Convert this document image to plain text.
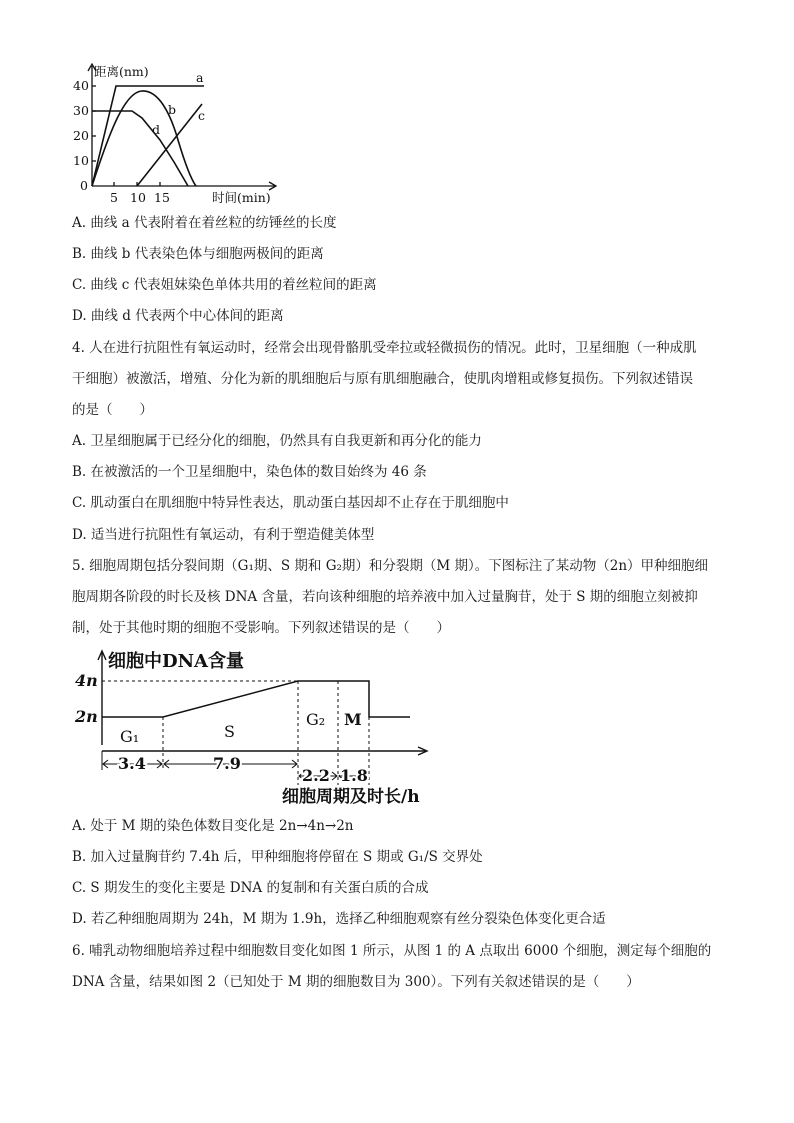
距离(nm)
40
30
20
10
0
5 10 15	时间(min)
a
b c
d
A. 曲线 a 代表附着在着丝粒的纺锤丝的长度
B. 曲线 b 代表染色体与细胞两极间的距离
C. 曲线 c 代表姐妹染色单体共用的着丝粒间的距离
D. 曲线 d 代表两个中心体间的距离
4. 人在进行抗阻性有氧运动时，经常会出现骨骼肌受牵拉或轻微损伤的情况。此时，卫星细胞（一种成肌
干细胞）被激活，增殖、分化为新的肌细胞后与原有肌细胞融合，使肌肉增粗或修复损伤。下列叙述错误
的是（　　）
A. 卫星细胞属于已经分化的细胞，仍然具有自我更新和再分化的能力
B. 在被激活的一个卫星细胞中，染色体的数目始终为 46 条
C. 肌动蛋白在肌细胞中特异性表达，肌动蛋白基因却不止存在于肌细胞中
D. 适当进行抗阻性有氧运动，有利于塑造健美体型
5. 细胞周期包括分裂间期（G₁期、S 期和 G₂期）和分裂期（M 期）。下图标注了某动物（2n）甲种细胞细
胞周期各阶段的时长及核 DNA 含量，若向该种细胞的培养液中加入过量胸苷，处于 S 期的细胞立刻被抑
制，处于其他时期的细胞不受影响。下列叙述错误的是（　　）
细胞中DNA含量
4n
2n
G₁	S
G₂ M
3.4	7.9
2.2 1.8
细胞周期及时长/h
A. 处于 M 期的染色体数目变化是 2n→4n→2n
B. 加入过量胸苷约 7.4h 后，甲种细胞将停留在 S 期或 G₁/S 交界处
C. S 期发生的变化主要是 DNA 的复制和有关蛋白质的合成
D. 若乙种细胞周期为 24h，M 期为 1.9h，选择乙种细胞观察有丝分裂染色体变化更合适
6. 哺乳动物细胞培养过程中细胞数目变化如图 1 所示，从图 1 的 A 点取出 6000 个细胞，测定每个细胞的
DNA 含量，结果如图 2（已知处于 M 期的细胞数目为 300）。下列有关叙述错误的是（　　）
